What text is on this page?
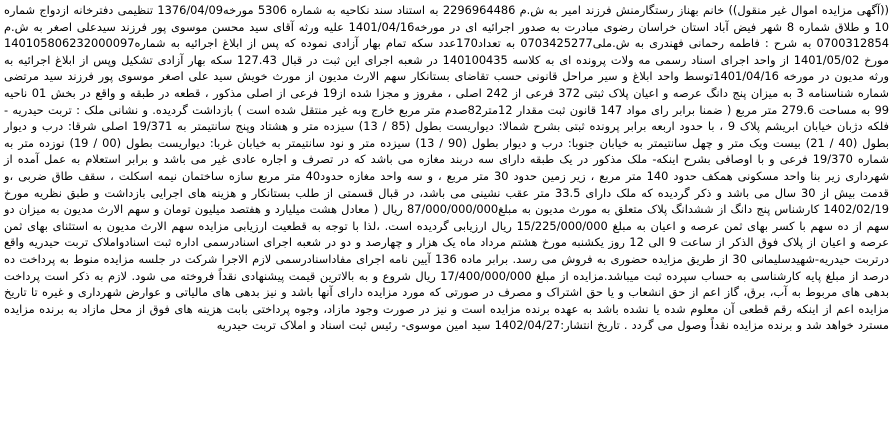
((آگهی مزایده اموال غیر منقول)) خانم بهناز رستگارمنش فرزند امیر به ش.م 2296964486 به استناد سند نکاحیه به شماره 5306 مورخه1376/04/09 تنظیمی دفترخانه ازدواج شماره 10 و طلاق شماره 8 شهر فیض آباد استان خراسان رضوی مبادرت به صدور اجرائیه ای در مورخه1401/04/16 علیه ورثه آقای سید محسن موسوی پور فرزند سیدعلی اصغر به ش.م 0700312854 به شرح : فاطمه رحمانی فهندری به ش.ملی0703425277 به تعداد170عدد سکه تمام بهار آزادی نموده که پس از ابلاغ اجرائیه به شماره140105806232000097 مورخ 1401/05/02 از واحد اجرای اسناد رسمی مه ولات پرونده ای به کلاسه 140100435 در شعبه اجرای این ثبت در قبال 127.43 سکه بهار آزادی تشکیل وپس از ابلاغ اجرائیه به ورثه مدیون در مورخه 1401/04/16توسط واحد ابلاغ و سیر مراحل قانونی حسب تقاضای بستانکار سهم الارث مدیون از مورث خویش سید علی اصغر موسوی پور فرزند سید مرتضی شماره شناسنامه 3 به میزان پنج دانگ عرصه و اعیان پلاک ثبتی 372 فرعی از 242 اصلی ، مفروز و مجزا شده از19 فرعی از اصلی مذکور ، قطعه در طبقه و واقع در بخش 01 ناحیه 99 به مساحت 279.6 متر مربع ( ضمنا برابر رای مواد 147 قانون ثبت مقدار 12متر82صدم متر مربع خارج وبه غیر منتقل شده است ) بازداشت گردیده. و نشانی ملک : تربت حیدریه - فلکه دژبان خیابان ابریشم پلاک 9 ، با حدود اربعه برابر پرونده ثبتی بشرح شمالا: دیواریست بطول (85 / 13) سیزده متر و هشتاد وپنج سانتیمتر به 19/371 اصلی شرقا: درب و دیوار بطول (40 / 21) بیست ویک متر و چهل سانتیمتر به خیابان جنوبا: درب و دیوار بطول (90 / 13) سیزده متر و نود سانتیمتر به خیابان غربا: دیواریست بطول (00 / 19) نوزده متر به شماره 19/370 فرعی و با اوصافی بشرح اینکه- ملک مذکور در یک طبقه دارای سه دربند مغازه می باشد که در تصرف و اجاره عادی غیر می باشد و برابر استعلام به عمل آمده از شهرداری زیر بنا واحد مسکونی همکف حدود 140 متر مربع ، زیر زمین حدود 30 متر مربع ، و سه واحد مغازه حدود40 متر مربع سازه ساختمان نیمه اسکلت ، سقف طاق ضربی ،و قدمت بیش از 30 سال می باشد و ذکر گردیده که ملک دارای 33.5 متر عقب نشینی می باشد، در قبال قسمتی از طلب بستانکار و هزینه های اجرایی بازداشت و طبق نظریه مورخ 1402/02/19 کارشناس پنج دانگ از ششدانگ پلاک متعلق به مورث مدیون به مبلغ87/000/000/000 ریال ( معادل هشت میلیارد و هفتصد میلیون تومان و سهم الارث مدیون به میزان دو سهم از ده سهم با کسر بهای ثمن عرصه و اعیان به مبلغ 15/225/000/000 ریال ارزیابی گردیده است. ،لذا با توجه به قطعیت ارزیابی مزایده سهم الارث مدیون به استثنای بهای ثمن عرصه و اعیان از پلاک فوق الذکر از ساعت 9 الی 12 روز یکشنبه مورخ هشتم مرداد ماه یک هزار و چهارصد و دو در شعبه اجرای اسنادرسمی اداره ثبت اسنادواملاک تربت حیدریه واقع درتربت حیدریه-شهیدسلیمانی 30 از طریق مزایده حضوری به فروش می رسد. برابر ماده 136 آیین نامه اجرای مفاداسنادرسمی لازم الاجرا شرکت در جلسه مزایده منوط به پرداخت ده درصد از مبلغ پایه کارشناسی به حساب سپرده ثبت میباشد.مزایده از مبلغ 17/400/000/000 ریال شروع و به بالاترین قیمت پیشنهادی نقداً فروخته می شود. لازم به ذکر است پرداخت بدهی های مربوط به آب، برق، گاز اعم از حق انشعاب و یا حق اشتراک و مصرف در صورتی که مورد مزایده دارای آنها باشد و نیز بدهی های مالیاتی و عوارض شهرداری و غیره تا تاریخ مزایده اعم از اینکه رقم قطعی آن معلوم شده یا نشده باشد به عهده برنده مزایده است و نیز در صورت وجود مازاد، وجوه پرداختی بابت هزینه های فوق از محل مازاد به برنده مزایده مسترد خواهد شد و برنده مزایده نقداً وصول می گردد . تاریخ انتشار:1402/04/27 سید امین موسوی- رئیس ثبت اسناد و املاک تربت حیدریه
